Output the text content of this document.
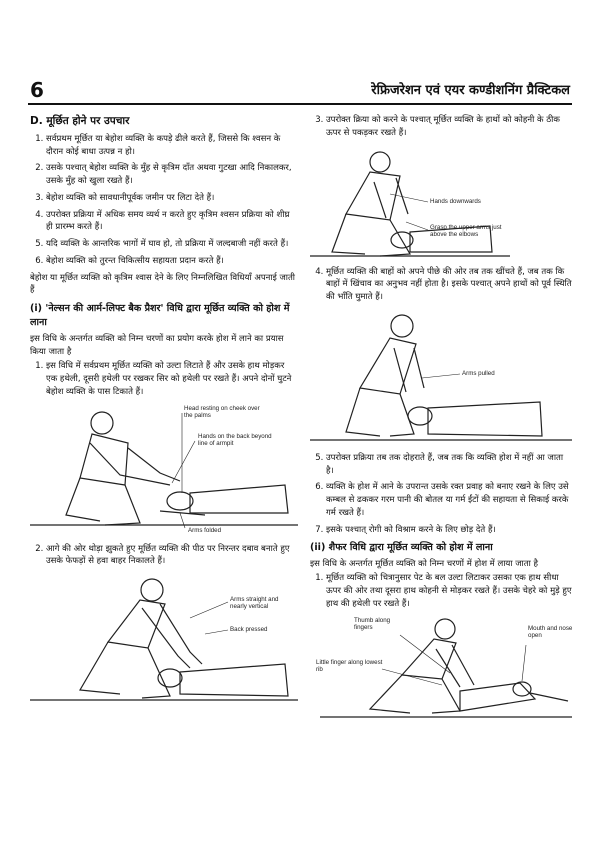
6	रेफ्रिजरेशन एवं एयर कण्डीशनिंग प्रैक्टिकल
D. मूर्छित होने पर उपचार
1. सर्वप्रथम मूर्छित या बेहोश व्यक्ति के कपड़े ढीले करते हैं, जिससे कि श्वसन के दौरान कोई बाधा उत्पन्न न हो।
2. उसके पश्चात् बेहोश व्यक्ति के मुँह से कृत्रिम दाँत अथवा गुटखा आदि निकालकर, उसके मुँह को खुला रखते हैं।
3. बेहोश व्यक्ति को सावधानीपूर्वक जमीन पर लिटा देते हैं।
4. उपरोक्त प्रक्रिया में अधिक समय व्यर्थ न करते हुए कृत्रिम श्वसन प्रक्रिया को शीघ्र ही प्रारम्भ करते हैं।
5. यदि व्यक्ति के आन्तरिक भागों में घाव हो, तो प्रक्रिया में जल्दबाजी नहीं करते हैं।
6. बेहोश व्यक्ति को तुरन्त चिकित्सीय सहायता प्रदान करते हैं।

बेहोश या मूर्छित व्यक्ति को कृत्रिम श्वास देने के लिए निम्नलिखित विधियाँ अपनाई जाती हैं

(i) 'नेल्सन की आर्म-लिफ्ट बैक प्रैशर' विधि द्वारा मूर्छित व्यक्ति को होश में लाना

इस विधि के अन्तर्गत व्यक्ति को निम्न चरणों का प्रयोग करके होश में लाने का प्रयास किया जाता है

1. इस विधि में सर्वप्रथम मूर्छित व्यक्ति को उल्टा लिटाते हैं और उसके हाथ मोड़कर एक हथेली, दूसरी हथेली पर रखकर सिर को हथेली पर रखते हैं। अपने दोनों घुटने बेहोश व्यक्ति के पास टिकाते हैं।
Head resting on cheek over the palms
Hands on the back beyond line of armpit
Arms folded
2. आगे की ओर थोड़ा झुकते हुए मूर्छित व्यक्ति की पीठ पर निरन्तर दबाव बनाते हुए उसके फेफड़ों से हवा बाहर निकालते हैं।
Arms straight and nearly vertical
Back pressed
3. उपरोक्त क्रिया को करने के पश्चात् मूर्छित व्यक्ति के हाथों को कोहनी के ठीक ऊपर से पकड़कर रखते हैं।
Hands downwards
Grasp the upper arms just above the elbows
4. मूर्छित व्यक्ति की बाहों को अपने पीछे की ओर तब तक खींचते हैं, जब तक कि बाहों में खिंचाव का अनुभव नहीं होता है। इसके पश्चात् अपने हाथों को पूर्व स्थिति की भाँति घुमाते हैं।
Arms pulled
5. उपरोक्त प्रक्रिया तब तक दोहराते हैं, जब तक कि व्यक्ति होश में नहीं आ जाता है।
6. व्यक्ति के होश में आने के उपरान्त उसके रक्त प्रवाह को बनाए रखने के लिए उसे कम्बल से ढककर गरम पानी की बोतल या गर्म ईंटों की सहायता से सिकाई करके गर्म रखते हैं।
7. इसके पश्चात् रोगी को विश्राम करने के लिए छोड़ देते हैं।
(ii) शैफर विधि द्वारा मूर्छित व्यक्ति को होश में लाना

इस विधि के अन्तर्गत मूर्छित व्यक्ति को निम्न चरणों में होश में लाया जाता है

1. मूर्छित व्यक्ति को चित्रानुसार पेट के बल उल्टा लिटाकर उसका एक हाथ सीधा ऊपर की ओर तथा दूसरा हाथ कोहनी से मोड़कर रखते हैं। उसके चेहरे को मुड़े हुए हाथ की हथेली पर रखते हैं।
Thumb along fingers
Little finger along lowest rib
Mouth and nose open
